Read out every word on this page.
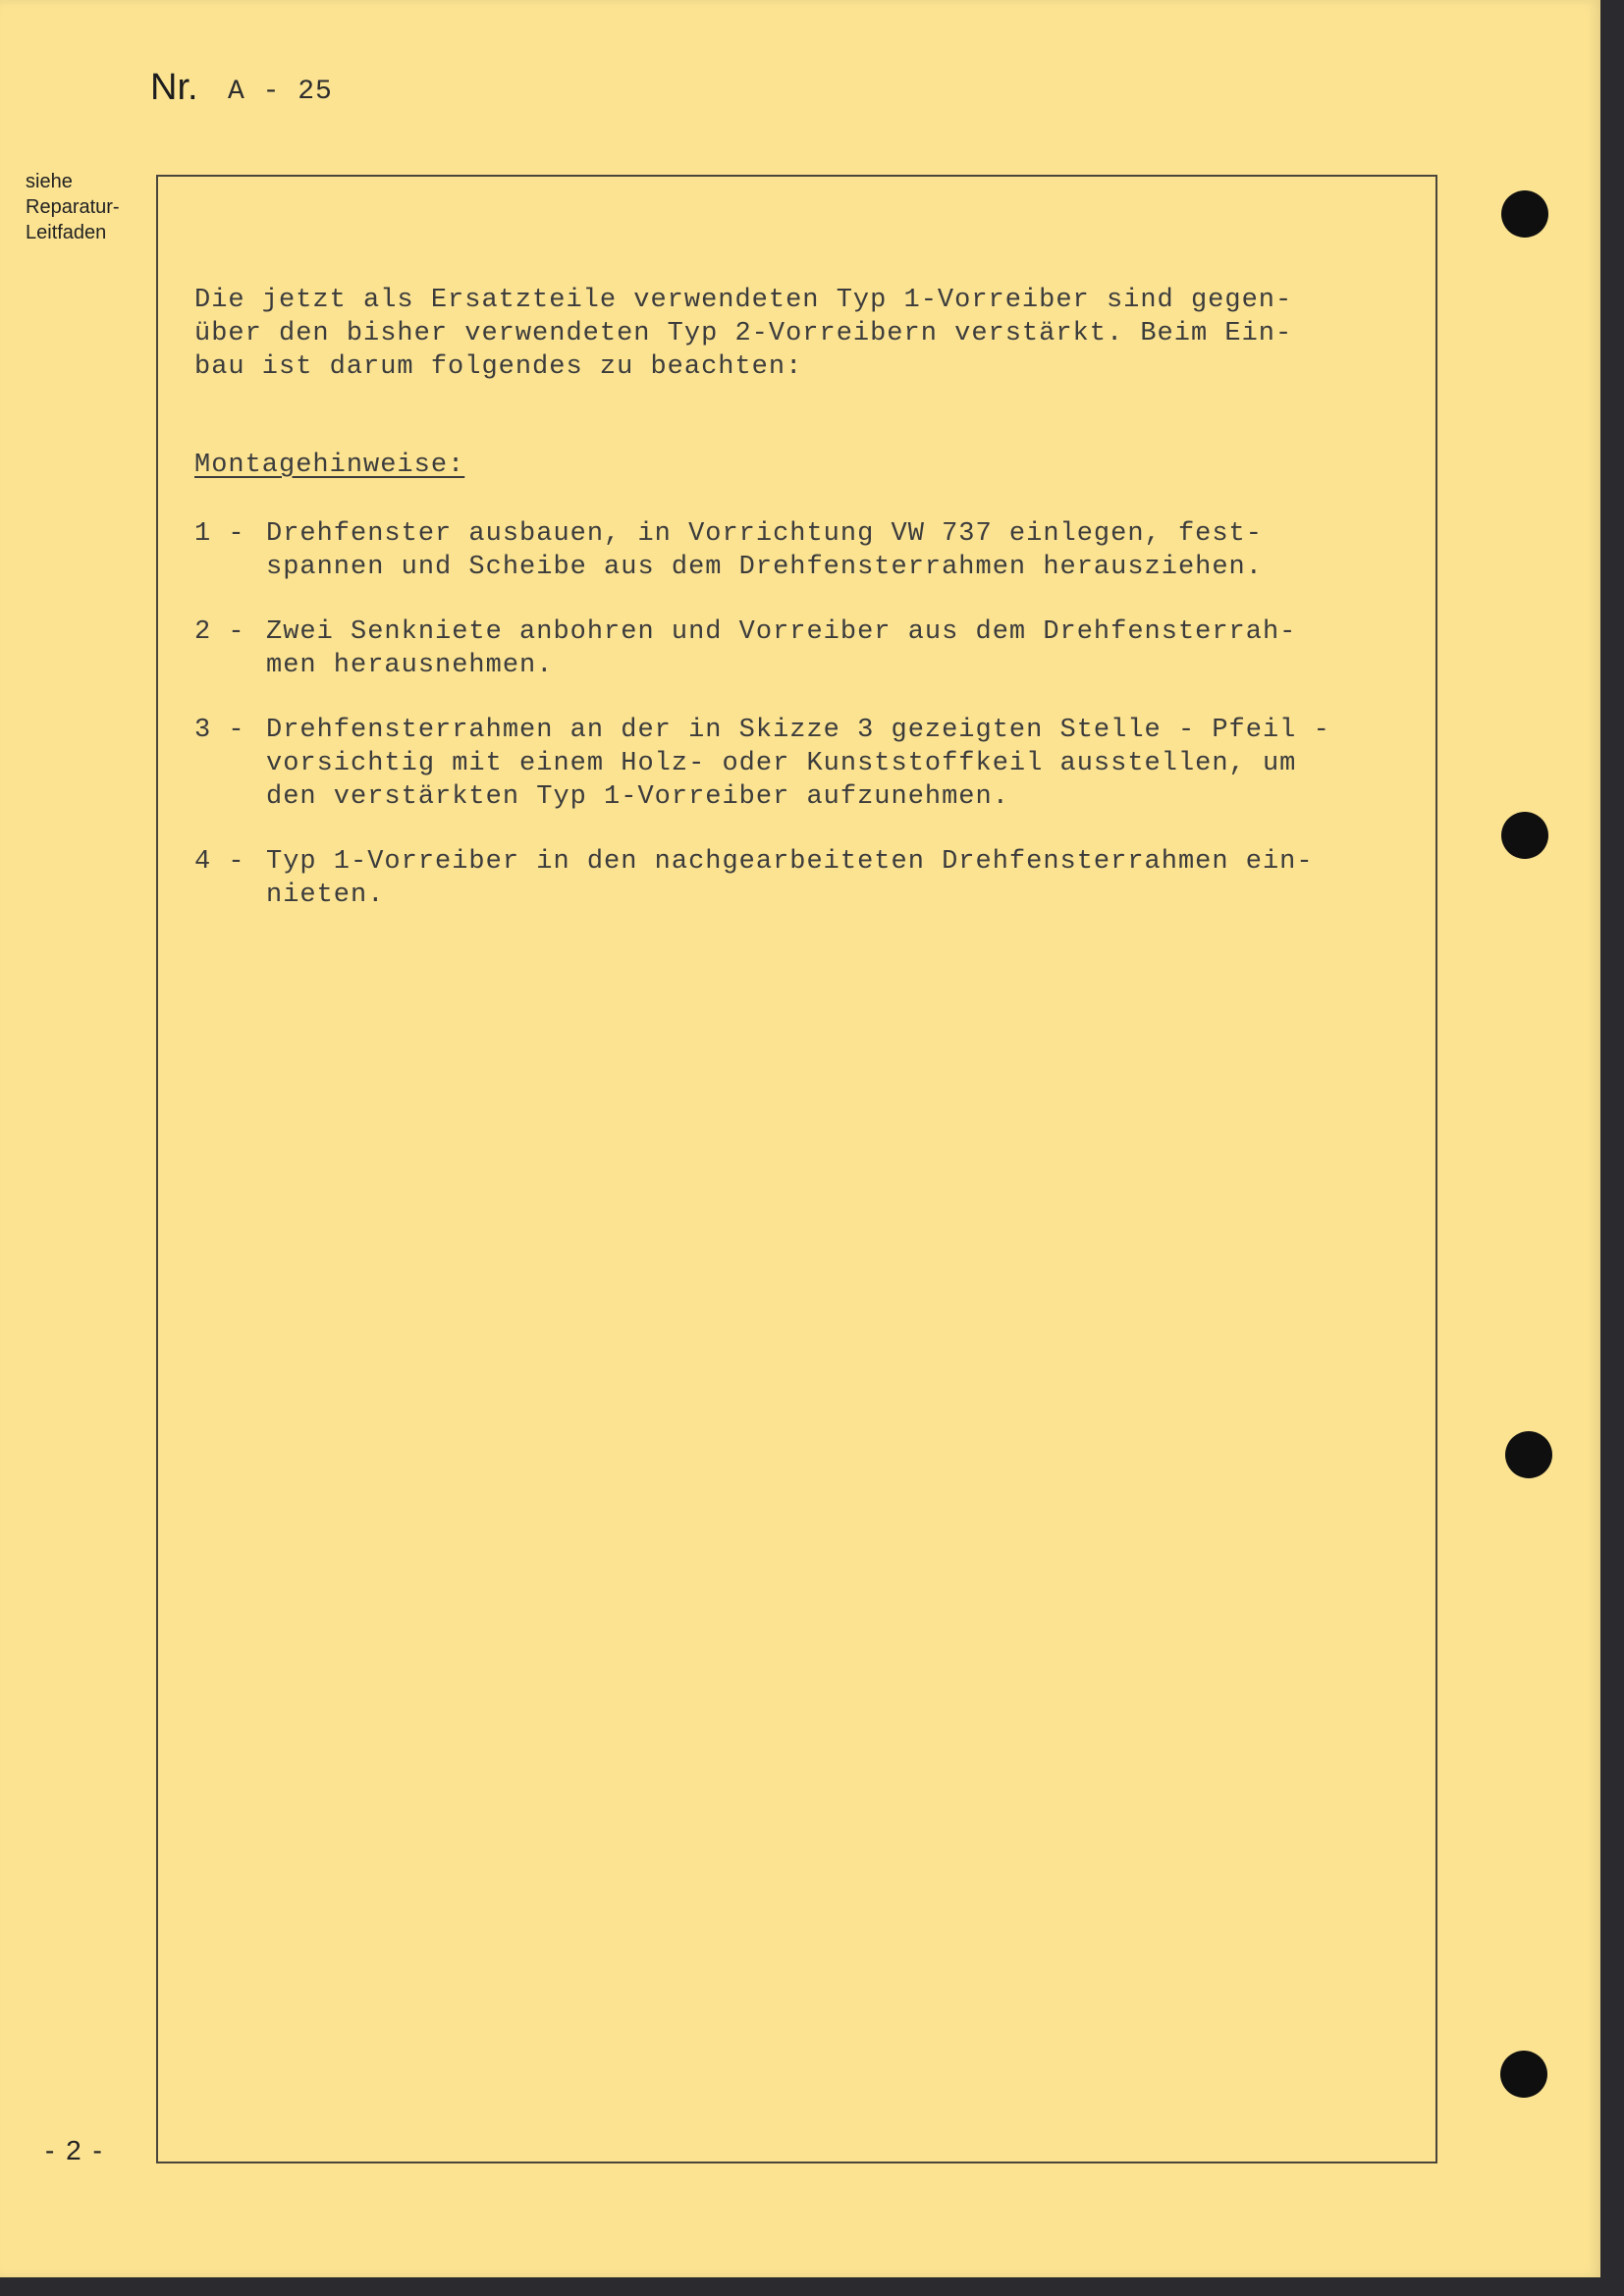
Nr. A - 25
siehe
Reparatur-
Leitfaden

Die jetzt als Ersatzteile verwendeten Typ 1-Vorreiber sind gegen-
über den bisher verwendeten Typ 2-Vorreibern verstärkt. Beim Ein-
bau ist darum folgendes zu beachten:

Montagehinweise:

1 - Drehfenster ausbauen, in Vorrichtung VW 737 einlegen, fest-
spannen und Scheibe aus dem Drehfensterrahmen herausziehen.
2 - Zwei Senkniete anbohren und Vorreiber aus dem Drehfensterrah-
men herausnehmen.
3 - Drehfensterrahmen an der in Skizze 3 gezeigten Stelle - Pfeil -
vorsichtig mit einem Holz- oder Kunststoffkeil ausstellen, um
den verstärkten Typ 1-Vorreiber aufzunehmen.
4 - Typ 1-Vorreiber in den nachgearbeiteten Drehfensterrahmen ein-
nieten.
- 2 -
